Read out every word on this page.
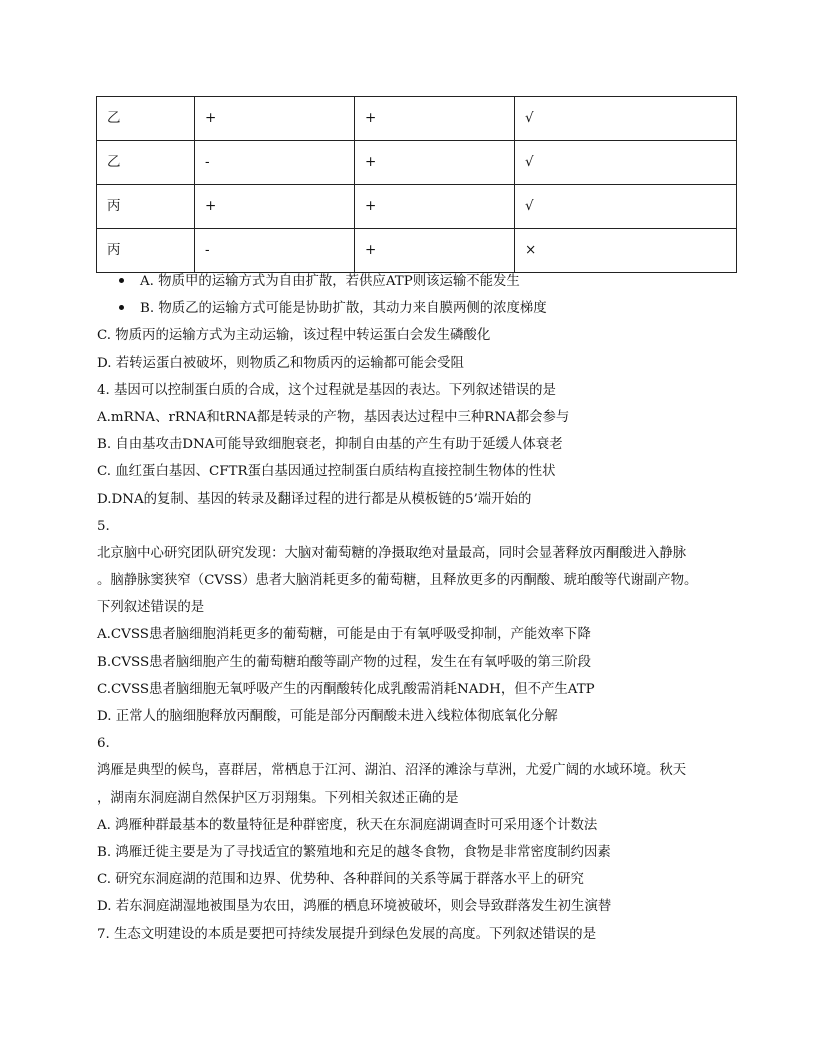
乙	+	+	√
乙	-	+	√
丙	+	+	√
丙	-	+	×
A. 物质甲的运输方式为自由扩散，若供应ATP则该运输不能发生
B. 物质乙的运输方式可能是协助扩散，其动力来自膜两侧的浓度梯度
C. 物质丙的运输方式为主动运输，该过程中转运蛋白会发生磷酸化
D. 若转运蛋白被破坏，则物质乙和物质丙的运输都可能会受阻
4. 基因可以控制蛋白质的合成，这个过程就是基因的表达。下列叙述错误的是
A.mRNA、rRNA和tRNA都是转录的产物，基因表达过程中三种RNA都会参与
B. 自由基攻击DNA可能导致细胞衰老，抑制自由基的产生有助于延缓人体衰老
C. 血红蛋白基因、CFTR蛋白基因通过控制蛋白质结构直接控制生物体的性状
D.DNA的复制、基因的转录及翻译过程的进行都是从模板链的5’端开始的
5.
北京脑中心研究团队研究发现：大脑对葡萄糖的净摄取绝对量最高，同时会显著释放丙酮酸进入静脉
。脑静脉窦狭窄（CVSS）患者大脑消耗更多的葡萄糖，且释放更多的丙酮酸、琥珀酸等代谢副产物。
下列叙述错误的是
A.CVSS患者脑细胞消耗更多的葡萄糖，可能是由于有氧呼吸受抑制，产能效率下降
B.CVSS患者脑细胞产生的葡萄糖珀酸等副产物的过程，发生在有氧呼吸的第三阶段
C.CVSS患者脑细胞无氧呼吸产生的丙酮酸转化成乳酸需消耗NADH，但不产生ATP
D. 正常人的脑细胞释放丙酮酸，可能是部分丙酮酸未进入线粒体彻底氧化分解
6.
鸿雁是典型的候鸟，喜群居，常栖息于江河、湖泊、沼泽的滩涂与草洲，尤爱广阔的水域环境。秋天
，湖南东洞庭湖自然保护区万羽翔集。下列相关叙述正确的是
A. 鸿雁种群最基本的数量特征是种群密度，秋天在东洞庭湖调查时可采用逐个计数法
B. 鸿雁迁徙主要是为了寻找适宜的繁殖地和充足的越冬食物，食物是非常密度制约因素
C. 研究东洞庭湖的范围和边界、优势种、各种群间的关系等属于群落水平上的研究
D. 若东洞庭湖湿地被围垦为农田，鸿雁的栖息环境被破坏，则会导致群落发生初生演替
7. 生态文明建设的本质是要把可持续发展提升到绿色发展的高度。下列叙述错误的是
